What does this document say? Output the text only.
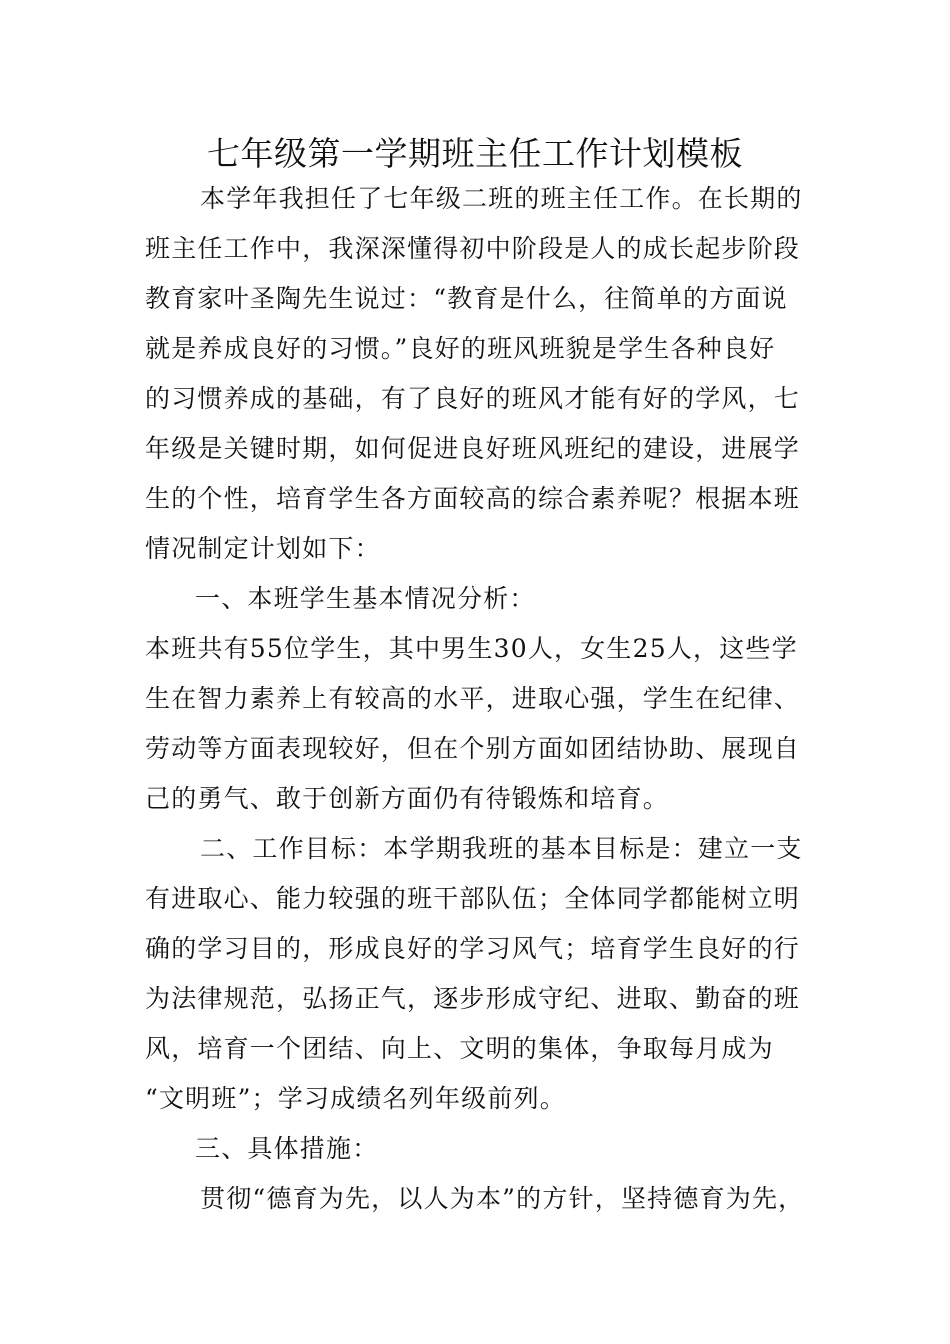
七年级第一学期班主任工作计划模板

本学年我担任了七年级二班的班主任工作。在长期的

班主任工作中，我深深懂得初中阶段是人的成长起步阶段

教育家叶圣陶先生说过：“教育是什么，往简单的方面说

就是养成良好的习惯。”良好的班风班貌是学生各种良好

的习惯养成的基础，有了良好的班风才能有好的学风，七

年级是关键时期，如何促进良好班风班纪的建设，进展学

生的个性，培育学生各方面较高的综合素养呢？根据本班

情况制定计划如下：

一、本班学生基本情况分析：

本班共有55位学生，其中男生30人，女生25人，这些学

生在智力素养上有较高的水平，进取心强，学生在纪律、

劳动等方面表现较好，但在个别方面如团结协助、展现自

己的勇气、敢于创新方面仍有待锻炼和培育。

二、工作目标：本学期我班的基本目标是：建立一支

有进取心、能力较强的班干部队伍；全体同学都能树立明

确的学习目的，形成良好的学习风气；培育学生良好的行

为法律规范，弘扬正气，逐步形成守纪、进取、勤奋的班

风，培育一个团结、向上、文明的集体，争取每月成为

“文明班”；学习成绩名列年级前列。

三、具体措施：

贯彻“德育为先，以人为本”的方针，坚持德育为先，
